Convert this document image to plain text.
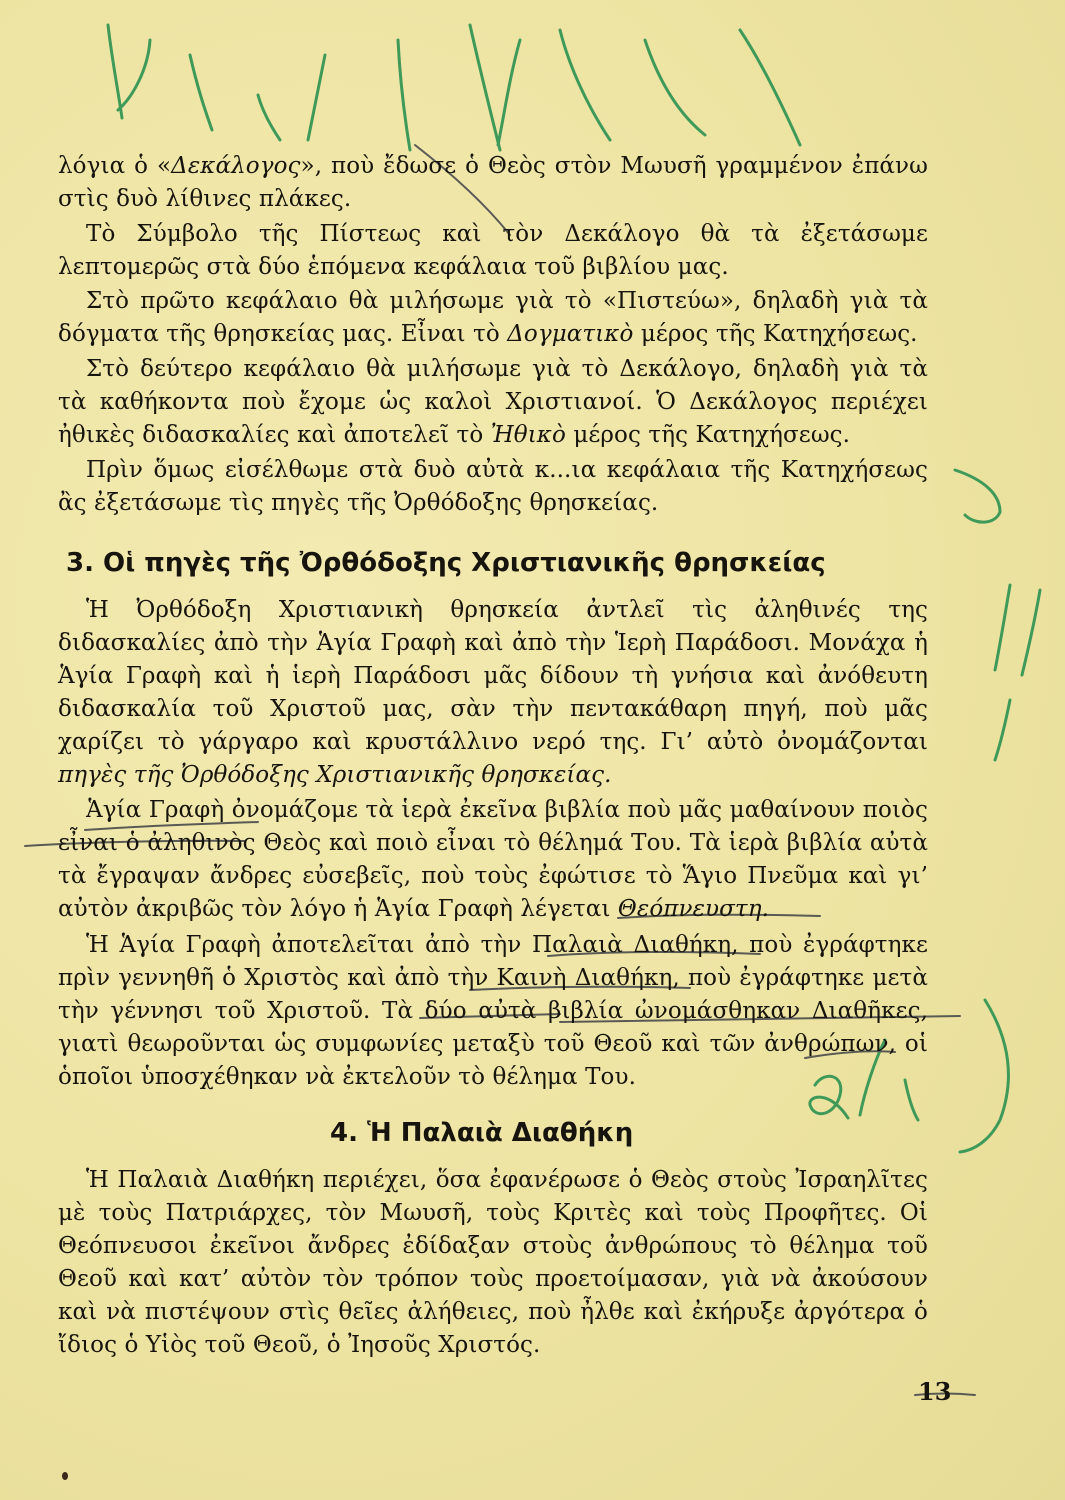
λόγια ὁ «Δεκάλογος», ποὺ ἔδωσε ὁ Θεὸς στὸν Μωυσῆ γραμμένον ἐπάνω στὶς δυὸ λίθινες πλάκες.

Τὸ Σύμβολο τῆς Πίστεως καὶ τὸν Δεκάλογο θὰ τὰ ἐξετάσωμε λεπτομερῶς στὰ δύο ἑπόμενα κεφάλαια τοῦ βιβλίου μας.

Στὸ πρῶτο κεφάλαιο θὰ μιλήσωμε γιὰ τὸ «Πιστεύω», δηλαδὴ γιὰ τὰ δόγματα τῆς θρησκείας μας. Εἶναι τὸ Δογματικὸ μέρος τῆς Κατηχήσεως.

Στὸ δεύτερο κεφάλαιο θὰ μιλήσωμε γιὰ τὸ Δεκάλογο, δηλαδὴ γιὰ τὰ τὰ καθήκοντα ποὺ ἔχομε ὡς καλοὶ Χριστιανοί. Ὁ Δεκάλογος περιέχει ἠθικὲς διδασκαλίες καὶ ἀποτελεῖ τὸ Ἠθικὸ μέρος τῆς Κατηχήσεως.

Πρὶν ὅμως εἰσέλθωμε στὰ δυὸ αὐτὰ κ...ια κεφάλαια τῆς Κατηχήσεως ἂς ἐξετάσωμε τὶς πηγὲς τῆς Ὀρθόδοξης θρησκείας.

3. Οἱ πηγὲς τῆς Ὀρθόδοξης Χριστιανικῆς θρησκείας

Ἡ Ὀρθόδοξη Χριστιανικὴ θρησκεία ἀντλεῖ τὶς ἀληθινές της διδασκαλίες ἀπὸ τὴν Ἁγία Γραφὴ καὶ ἀπὸ τὴν Ἱερὴ Παράδοσι. Μονάχα ἡ Ἁγία Γραφὴ καὶ ἡ ἱερὴ Παράδοσι μᾶς δίδουν τὴ γνήσια καὶ ἀνόθευτη διδασκαλία τοῦ Χριστοῦ μας, σὰν τὴν πεντακάθαρη πηγή, ποὺ μᾶς χαρίζει τὸ γάργαρο καὶ κρυστάλλινο νερό της. Γι’ αὐτὸ ὀνομάζονται πηγὲς τῆς Ὀρθόδοξης Χριστιανικῆς θρησκείας.

Ἁγία Γραφὴ ὀνομάζομε τὰ ἱερὰ ἐκεῖνα βιβλία ποὺ μᾶς μαθαίνουν ποιὸς εἶναι ὁ ἀληθινὸς Θεὸς καὶ ποιὸ εἶναι τὸ θέλημά Του. Τὰ ἱερὰ βιβλία αὐτὰ τὰ ἔγραψαν ἄνδρες εὐσεβεῖς, ποὺ τοὺς ἐφώτισε τὸ Ἅγιο Πνεῦμα καὶ γι’ αὐτὸν ἀκριβῶς τὸν λόγο ἡ Ἁγία Γραφὴ λέγεται Θεόπνευστη.

Ἡ Ἁγία Γραφὴ ἀποτελεῖται ἀπὸ τὴν Παλαιὰ Διαθήκη, ποὺ ἐγράφτηκε πρὶν γεννηθῆ ὁ Χριστὸς καὶ ἀπὸ τὴν Καινὴ Διαθήκη, ποὺ ἐγράφτηκε μετὰ τὴν γέννησι τοῦ Χριστοῦ. Τὰ δύο αὐτὰ βιβλία ὠνομάσθηκαν Διαθῆκες, γιατὶ θεωροῦνται ὡς συμφωνίες μεταξὺ τοῦ Θεοῦ καὶ τῶν ἀνθρώπων, οἱ ὁποῖοι ὑποσχέθηκαν νὰ ἐκτελοῦν τὸ θέλημα Του.

4. Ἡ Παλαιὰ Διαθήκη

Ἡ Παλαιὰ Διαθήκη περιέχει, ὅσα ἐφανέρωσε ὁ Θεὸς στοὺς Ἰσραηλῖτες μὲ τοὺς Πατριάρχες, τὸν Μωυσῆ, τοὺς Κριτὲς καὶ τοὺς Προφῆτες. Οἱ Θεόπνευσοι ἐκεῖνοι ἄνδρες ἐδίδαξαν στοὺς ἀνθρώπους τὸ θέλημα τοῦ Θεοῦ καὶ κατ’ αὐτὸν τὸν τρόπον τοὺς προετοίμασαν, γιὰ νὰ ἀκούσουν καὶ νὰ πιστέψουν στὶς θεῖες ἀλήθειες, ποὺ ἦλθε καὶ ἐκήρυξε ἀργότερα ὁ ἴδιος ὁ Υἱὸς τοῦ Θεοῦ, ὁ Ἰησοῦς Χριστός.

13
